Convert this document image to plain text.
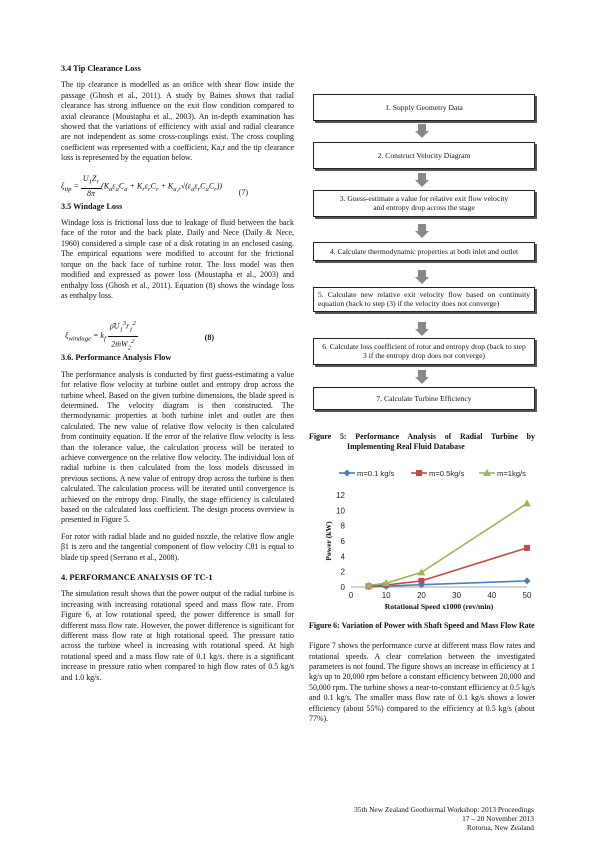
3.4 Tip Clearance Loss

The tip clearance is modelled as an orifice with shear flow inside the passage (Ghosh et al., 2011). A study by Baines shows that radial clearance has strong influence on the exit flow condition compared to axial clearance (Moustapha et al., 2003). An in-depth examination has showed that the variations of efficiency with axial and radial clearance are not independent as some cross-couplings exist. The cross coupling coefficient was represented with a coefficient, Ka,r and the tip clearance loss is represented by the equation below.

$\xi_{tip} = \frac{U_1Z_r}{8\pi} (K_a\varepsilon_aC_a + K_r\varepsilon_rC_r + K_{a,r}√(\varepsilon_a\varepsilon_rC_aC_r))$
(7)
3.5 Windage Loss

Windage loss is frictional loss due to leakage of fluid between the back face of the rotor and the back plate. Daily and Nece (Daily & Nece, 1960) considered a simple case of a disk rotating in an enclosed casing. The empirical equations were modified to account for the frictional torque on the back face of turbine rotor. The loss model was then modified and expressed as power loss (Moustapha et al., 2003) and enthalpy loss (Ghosh et al., 2011). Equation (8) shows the windage loss as enthalpy loss.

$\xi_{windage} = k_f \frac{\rhōU_1^3r_1^2}{2ṁW_2^2}$	(8)
3.6. Performance Analysis Flow

The performance analysis is conducted by first guess-estimating a value for relative flow velocity at turbine outlet and entropy drop across the turbine wheel. Based on the given turbine dimensions, the blade speed is determined. The velocity diagram is then constructed. The thermodynamic properties at both turbine inlet and outlet are then calculated. The new value of relative flow velocity is then calculated from continuity equation. If the error of the relative flow velocity is less than the tolerance value, the calculation process will be iterated to achieve convergence on the relative flow velocity. The individual loss of radial turbine is then calculated from the loss models discussed in previous sections. A new value of entropy drop across the turbine is then calculated. The calculation process will be iterated until convergence is achieved on the entropy drop. Finally, the stage efficiency is calculated based on the calculated loss coefficient. The design process overview is presented in Figure 5.

For rotor with radial blade and no guided nozzle, the relative flow angle β1 is zero and the tangential component of flow velocity Cθ1 is equal to blade tip speed (Serrano et al., 2008).

4. PERFORMANCE ANALYSIS OF TC-1

The simulation result shows that the power output of the radial turbine is increasing with increasing rotational speed and mass flow rate. From Figure 6, at low rotational speed, the power difference is small for different mass flow rate. However, the power difference is significant for different mass flow rate at high rotational speed. The pressure ratio across the turbine wheel is increasing with rotational speed. At high rotational speed and a mass flow rate of 0.1 kg/s. there is a significant increase in pressure ratio when compared to high flow rates of 0.5 kg/s and 1.0 kg/s.

1. Supply Geometry Data
2. Construct Velocity Diagram
3. Guess-estimate a value for relative exit flow velocity and entropy drop across the stage
4. Calculate thermodynamic properties at both inlet and outlet
5. Calculate new relative exit velocity flow based on continuity equation (back to step (3) if the velocity does not converge)
6. Calculate loss coefficient of rotor and entropy drop (back to step 3 if the entropy drop does not converge)
7. Calculate Turbine Efficiency

Figure 5: Performance Analysis of Radial Turbine by Implementing Real Fluid Database

0
2
4
6
8
10
12
0	10	20	30	40	50
Rotational Speed x1000 (rev/min)
Power (kW)
m=0.1 kg/s	m=0.5kg/s	m=1kg/s

Figure 6: Variation of Power with Shaft Speed and Mass Flow Rate

Figure 7 shows the performance curve at different mass flow rates and rotational speeds. A clear correlation between the investigated parameters is not found. The figure shows an increase in efficiency at 1 kg/s up to 20,000 rpm before a constant efficiency between 20,000 and 50,000 rpm. The turbine shows a near-to-constant efficiency at 0.5 kg/s and 0.1 kg/s. The smaller mass flow rate of 0.1 kg/s shows a lower efficiency (about 55%) compared to the efficiency at 0.5 kg/s (about 77%).

35th New Zealand Geothermal Workshop: 2013 Proceedings
17 – 20 November 2013
Rotorua, New Zealand
